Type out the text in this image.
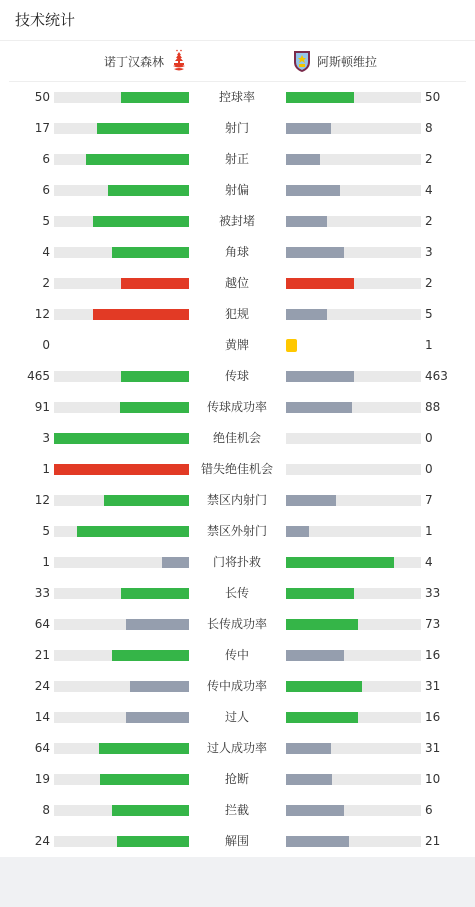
技术统计
诺丁汉森林	阿斯顿维拉
50	控球率	50
17	射门	8
6	射正	2
6	射偏	4
5	被封堵	2
4	角球	3
2	越位	2
12	犯规	5
0	黄牌	1
465	传球	463
91	传球成功率	88
3	绝佳机会	0
1	错失绝佳机会	0
12	禁区内射门	7
5	禁区外射门	1
1	门将扑救	4
33	长传	33
64	长传成功率	73
21	传中	16
24	传中成功率	31
14	过人	16
64	过人成功率	31
19	抢断	10
8	拦截	6
24	解围	21
